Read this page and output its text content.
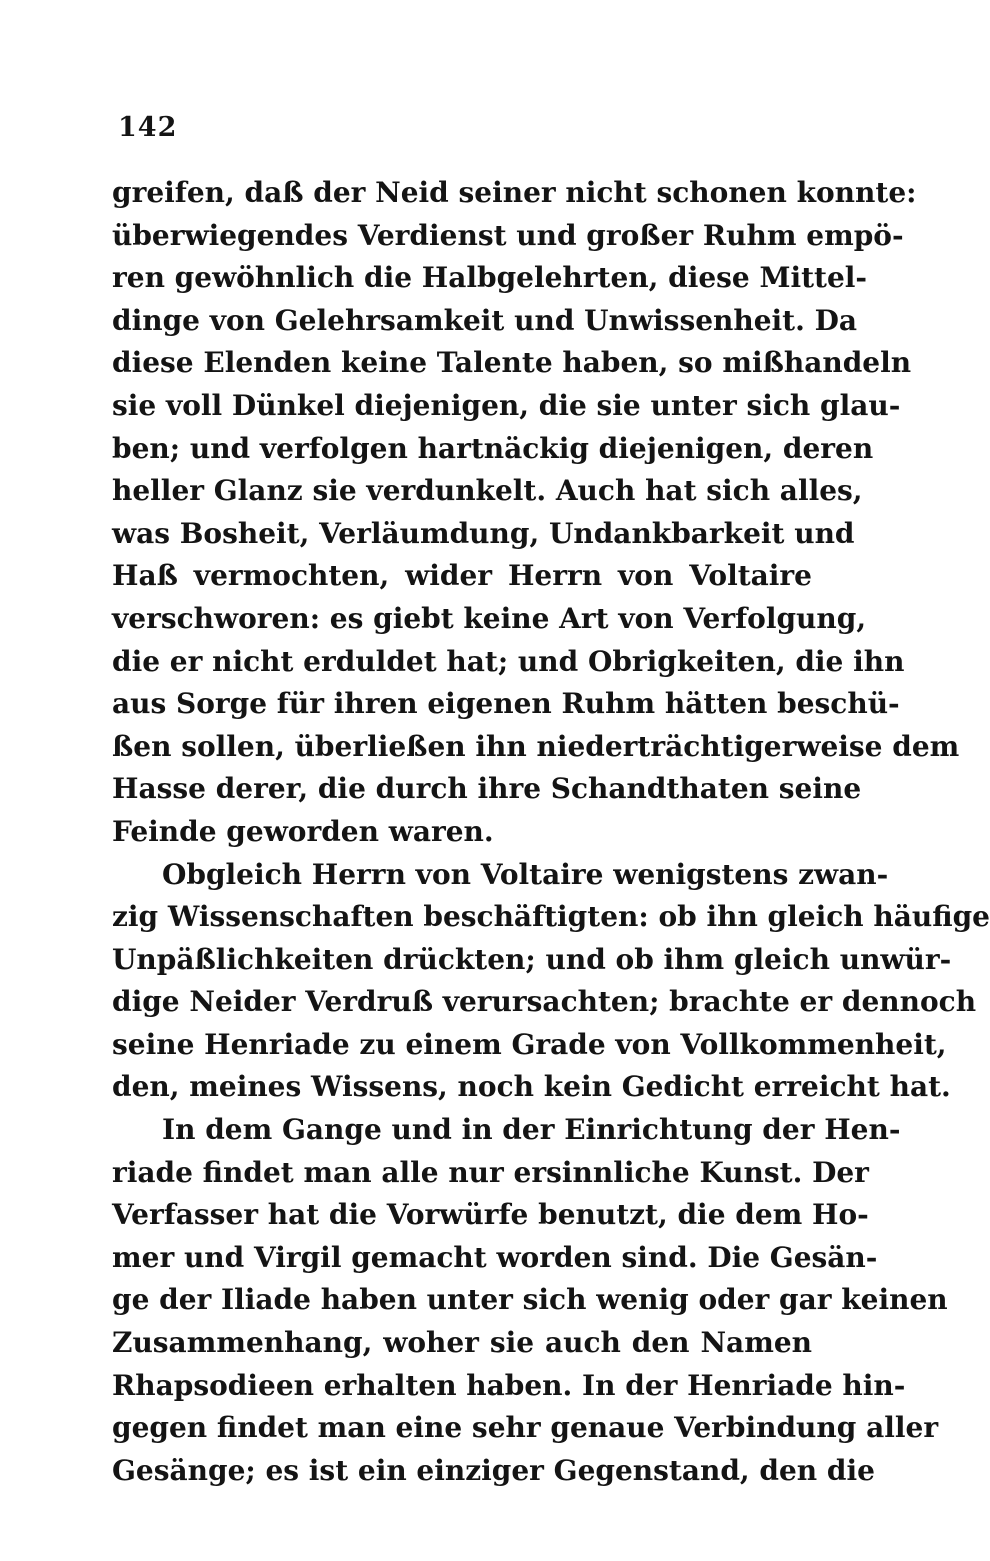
142
greifen, daß der Neid seiner nicht schonen konnte:
überwiegendes Verdienst und großer Ruhm empö-
ren gewöhnlich die Halbgelehrten, diese Mittel-
dinge von Gelehrsamkeit und Unwissenheit. Da
diese Elenden keine Talente haben, so mißhandeln
sie voll Dünkel diejenigen, die sie unter sich glau-
ben; und verfolgen hartnäckig diejenigen, deren
heller Glanz sie verdunkelt. Auch hat sich alles,
was Bosheit, Verläumdung, Undankbarkeit und
Haß vermochten, wider Herrn von Voltaire
verschworen: es giebt keine Art von Verfolgung,
die er nicht erduldet hat; und Obrigkeiten, die ihn
aus Sorge für ihren eigenen Ruhm hätten beschü-
ßen sollen, überließen ihn niederträchtigerweise dem
Hasse derer, die durch ihre Schandthaten seine
Feinde geworden waren.
Obgleich Herrn von Voltaire wenigstens zwan-
zig Wissenschaften beschäftigten: ob ihn gleich häufige
Unpäßlichkeiten drückten; und ob ihm gleich unwür-
dige Neider Verdruß verursachten; brachte er dennoch
seine Henriade zu einem Grade von Vollkommenheit,
den, meines Wissens, noch kein Gedicht erreicht hat.
In dem Gange und in der Einrichtung der Hen-
riade findet man alle nur ersinnliche Kunst. Der
Verfasser hat die Vorwürfe benutzt, die dem Ho-
mer und Virgil gemacht worden sind. Die Gesän-
ge der Iliade haben unter sich wenig oder gar keinen
Zusammenhang, woher sie auch den Namen
Rhapsodieen erhalten haben. In der Henriade hin-
gegen findet man eine sehr genaue Verbindung aller
Gesänge; es ist ein einziger Gegenstand, den die
